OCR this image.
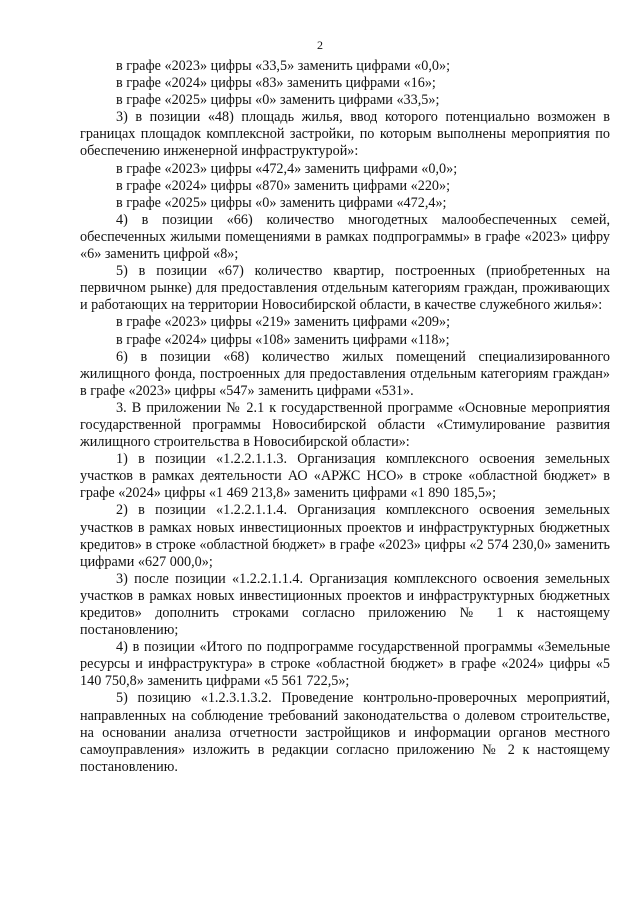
2

в графе «2023» цифры «33,5» заменить цифрами «0,0»;

в графе «2024» цифры «83» заменить цифрами «16»;

в графе «2025» цифры «0» заменить цифрами «33,5»;

3) в позиции «48) площадь жилья, ввод которого потенциально возможен в границах площадок комплексной застройки, по которым выполнены мероприятия по обеспечению инженерной инфраструктурой»:

в графе «2023» цифры «472,4» заменить цифрами «0,0»;

в графе «2024» цифры «870» заменить цифрами «220»;

в графе «2025» цифры «0» заменить цифрами «472,4»;

4) в позиции «66) количество многодетных малообеспеченных семей, обеспеченных жилыми помещениями в рамках подпрограммы» в графе «2023» цифру «6» заменить цифрой «8»;

5) в позиции «67) количество квартир, построенных (приобретенных на первичном рынке) для предоставления отдельным категориям граждан, проживающих и работающих на территории Новосибирской области, в качестве служебного жилья»:

в графе «2023» цифры «219» заменить цифрами «209»;

в графе «2024» цифры «108» заменить цифрами «118»;

6) в позиции «68) количество жилых помещений специализированного жилищного фонда, построенных для предоставления отдельным категориям граждан» в графе «2023» цифры «547» заменить цифрами «531».

3. В приложении № 2.1 к государственной программе «Основные мероприятия государственной программы Новосибирской области «Стимулирование развития жилищного строительства в Новосибирской области»:

1) в позиции «1.2.2.1.1.3. Организация комплексного освоения земельных участков в рамках деятельности АО «АРЖС НСО» в строке «областной бюджет» в графе «2024» цифры «1 469 213,8» заменить цифрами «1 890 185,5»;

2) в позиции «1.2.2.1.1.4. Организация комплексного освоения земельных участков в рамках новых инвестиционных проектов и инфраструктурных бюджетных кредитов» в строке «областной бюджет» в графе «2023» цифры «2 574 230,0» заменить цифрами «627 000,0»;

3) после позиции «1.2.2.1.1.4. Организация комплексного освоения земельных участков в рамках новых инвестиционных проектов и инфраструктурных бюджетных кредитов» дополнить строками согласно приложению № 1 к настоящему постановлению;

4) в позиции «Итого по подпрограмме государственной программы «Земельные ресурсы и инфраструктура» в строке «областной бюджет» в графе «2024» цифры «5 140 750,8» заменить цифрами «5 561 722,5»;

5) позицию «1.2.3.1.3.2. Проведение контрольно-проверочных мероприятий, направленных на соблюдение требований законодательства о долевом строительстве, на основании анализа отчетности застройщиков и информации органов местного самоуправления» изложить в редакции согласно приложению № 2 к настоящему постановлению.
